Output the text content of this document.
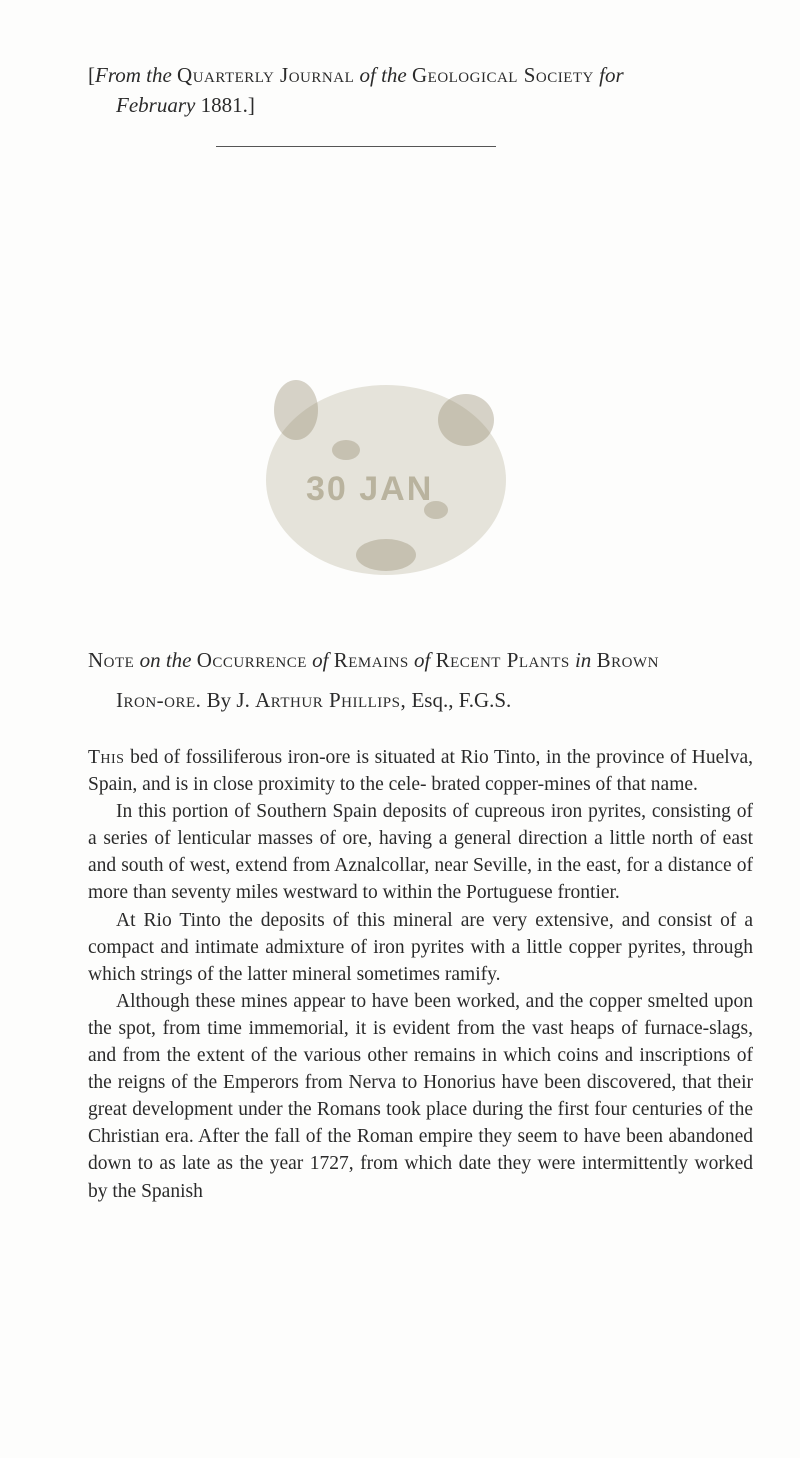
[From the Quarterly Journal of the Geological Society for
February 1881.]
30 JAN
Note on the Occurrence of Remains of Recent Plants in Brown
Iron-ore. By J. Arthur Phillips, Esq., F.G.S.

This bed of fossiliferous iron-ore is situated at Rio Tinto, in the province of Huelva, Spain, and is in close proximity to the cele- brated copper-mines of that name.

In this portion of Southern Spain deposits of cupreous iron pyrites, consisting of a series of lenticular masses of ore, having a general direction a little north of east and south of west, extend from Aznalcollar, near Seville, in the east, for a distance of more than seventy miles westward to within the Portuguese frontier.

At Rio Tinto the deposits of this mineral are very extensive, and consist of a compact and intimate admixture of iron pyrites with a little copper pyrites, through which strings of the latter mineral sometimes ramify.

Although these mines appear to have been worked, and the copper smelted upon the spot, from time immemorial, it is evident from the vast heaps of furnace-slags, and from the extent of the various other remains in which coins and inscriptions of the reigns of the Emperors from Nerva to Honorius have been discovered, that their great development under the Romans took place during the first four centuries of the Christian era. After the fall of the Roman empire they seem to have been abandoned down to as late as the year 1727, from which date they were intermittently worked by the Spanish
